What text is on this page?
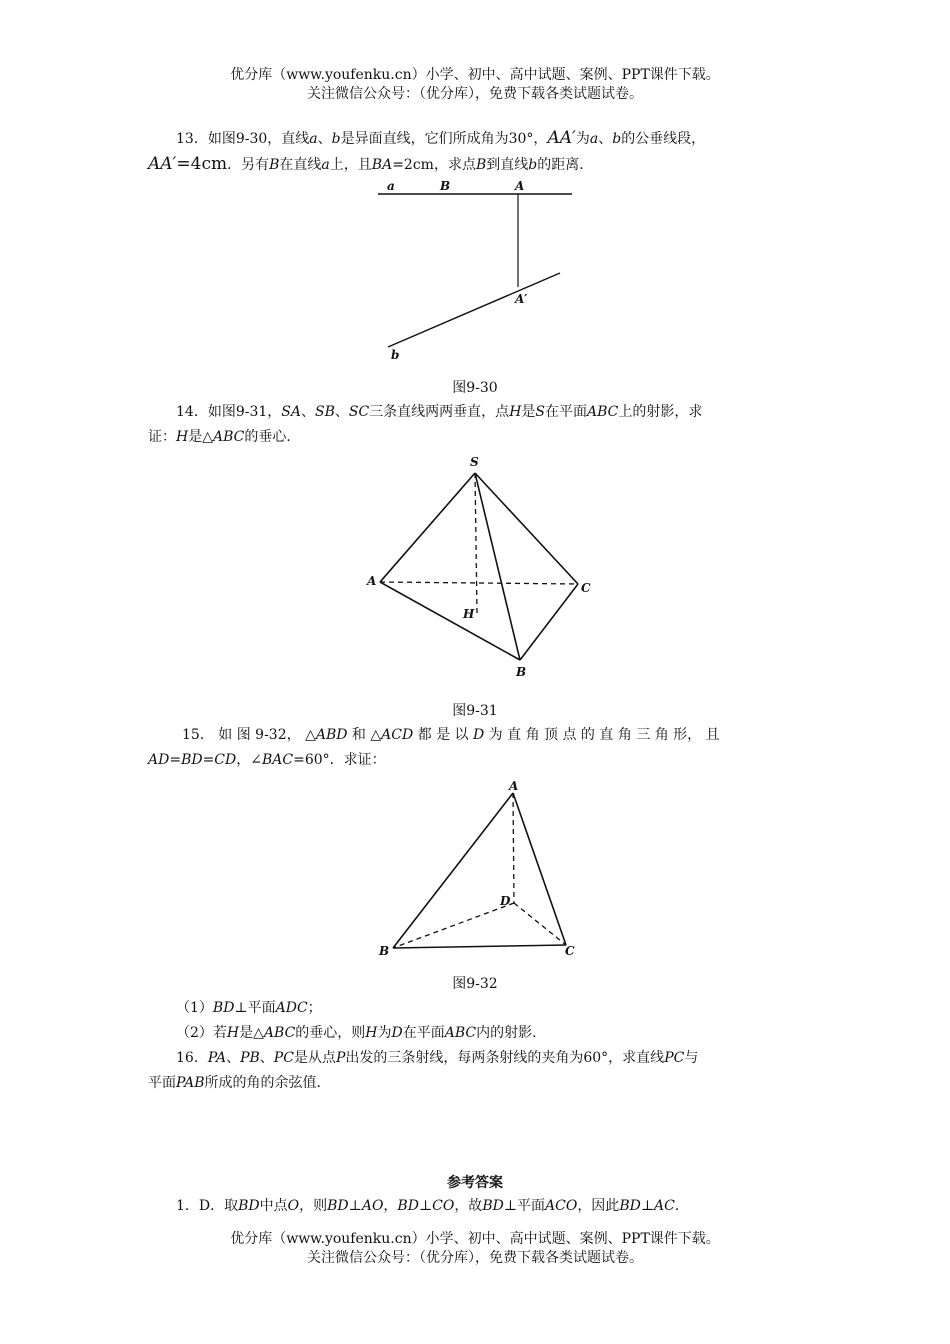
优分库（www.youfenku.cn）小学、初中、高中试题、案例、PPT课件下载。
关注微信公众号：（优分库），免费下载各类试题试卷。
13．如图9-30，直线a、b是异面直线，它们所成角为30°，AA′为a、b的公垂线段，
AA′=4cm．另有B在直线a上，且BA=2cm，求点B到直线b的距离．
a	B	A
A′
b
图9-30
14．如图9-31，SA、SB、SC三条直线两两垂直，点H是S在平面ABC上的射影，求
证：H是△ABC的垂心．
S
A	C
H
B
图9-31
15． 如 图 9-32， △ABD 和 △ACD 都 是 以 D 为 直 角 顶 点 的 直 角 三 角 形， 且
AD=BD=CD，∠BAC=60°．求证：
A
D
B	C
图9-32
（1）BD⊥平面ADC；
（2）若H是△ABC的垂心，则H为D在平面ABC内的射影．
16．PA、PB、PC是从点P出发的三条射线，每两条射线的夹角为60°，求直线PC与
平面PAB所成的角的余弦值．
参考答案
1．D．取BD中点O，则BD⊥AO，BD⊥CO，故BD⊥平面ACO，因此BD⊥AC．
优分库（www.youfenku.cn）小学、初中、高中试题、案例、PPT课件下载。
关注微信公众号：（优分库），免费下载各类试题试卷。
